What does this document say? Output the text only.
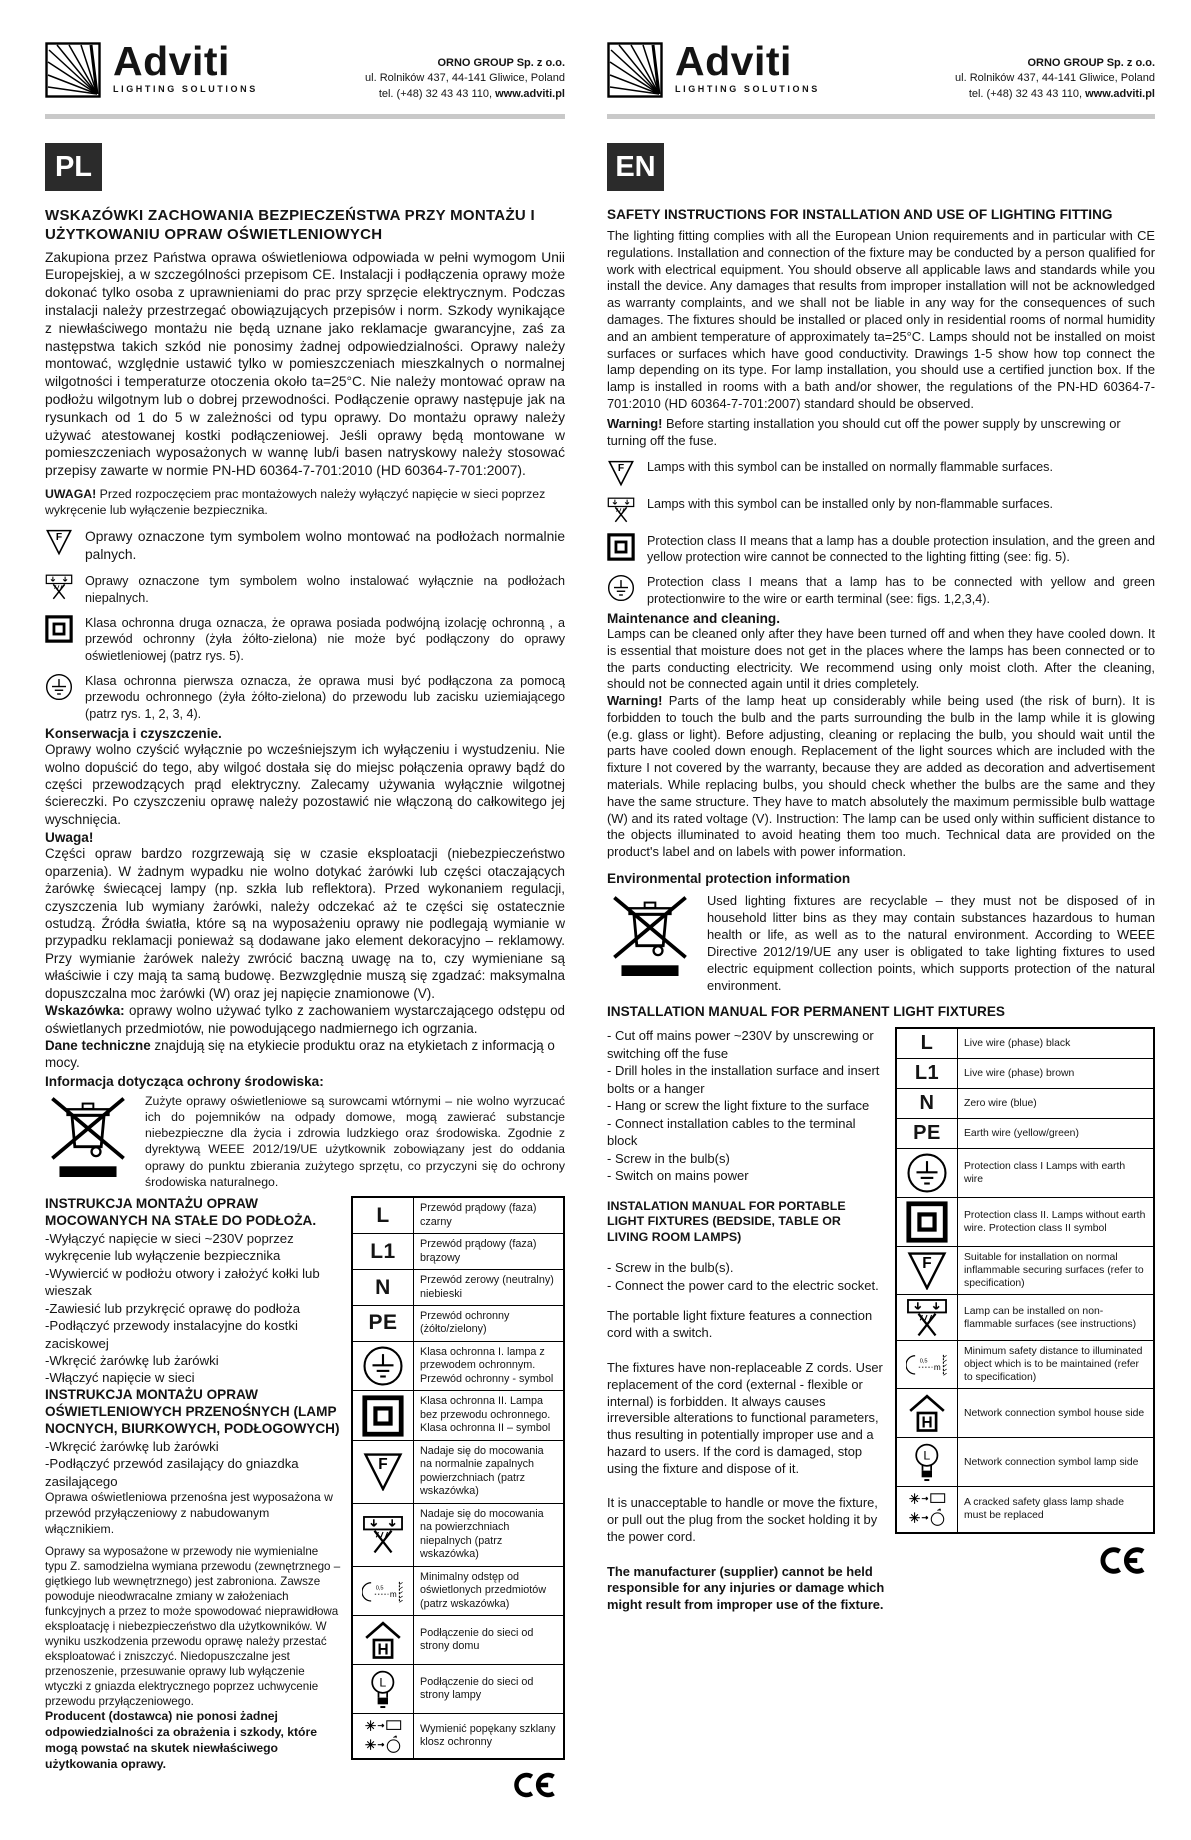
Adviti
LIGHTING SOLUTIONS
ORNO GROUP Sp. z o.o.
ul. Rolników 437, 44-141 Gliwice, Poland
tel. (+48) 32 43 43 110, www.adviti.pl
PL
WSKAZÓWKI ZACHOWANIA BEZPIECZEŃSTWA PRZY MONTAŻU I UŻYTKOWANIU OPRAW OŚWIETLENIOWYCH

Zakupiona przez Państwa oprawa oświetleniowa odpowiada w pełni wymogom Unii Europejskiej, a w szczególności przepisom CE. Instalacji i podłączenia oprawy może dokonać tylko osoba z uprawnieniami do prac przy sprzęcie elektrycznym. Podczas instalacji należy przestrzegać obowiązujących przepisów i norm. Szkody wynikające z niewłaściwego montażu nie będą uznane jako reklamacje gwarancyjne, zaś za następstwa takich szkód nie ponosimy żadnej odpowiedzialności. Oprawy należy montować, względnie ustawić tylko w pomieszczeniach mieszkalnych o normalnej wilgotności i temperaturze otoczenia około ta=25°C. Nie należy montować opraw na podłożu wilgotnym lub o dobrej przewodności. Podłączenie oprawy następuje jak na rysunkach od 1 do 5 w zależności od typu oprawy. Do montażu oprawy należy używać atestowanej kostki podłączeniowej. Jeśli oprawy będą montowane w pomieszczeniach wyposażonych w wannę lub/i basen natryskowy należy stosować przepisy zawarte w normie PN-HD 60364-7-701:2010 (HD 60364-7-701:2007).

UWAGA! Przed rozpoczęciem prac montażowych należy wyłączyć napięcie w sieci poprzez wykręcenie lub wyłączenie bezpiecznika.

F Oprawy oznaczone tym symbolem wolno montować na podłożach normalnie palnych.
Oprawy oznaczone tym symbolem wolno instalować wyłącznie na podłożach niepalnych.
Klasa ochronna druga oznacza, że oprawa posiada podwójną izolację ochronną , a przewód ochronny (żyła żółto-zielona) nie może być podłączony do oprawy oświetleniowej (patrz rys. 5).
Klasa ochronna pierwsza oznacza, że oprawa musi być podłączona za pomocą przewodu ochronnego (żyła żółto-zielona) do przewodu lub zacisku uziemiającego (patrz rys. 1, 2, 3, 4).
Konserwacja i czyszczenie.

Oprawy wolno czyścić wyłącznie po wcześniejszym ich wyłączeniu i wystudzeniu. Nie wolno dopuścić do tego, aby wilgoć dostała się do miejsc połączenia oprawy bądź do części przewodzących prąd elektryczny. Zalecamy używania wyłącznie wilgotnej ściereczki. Po czyszczeniu oprawę należy pozostawić nie włączoną do całkowitego jej wyschnięcia.

Uwaga!

Części opraw bardzo rozgrzewają się w czasie eksploatacji (niebezpieczeństwo oparzenia). W żadnym wypadku nie wolno dotykać żarówki lub części otaczających żarówkę świecącej lampy (np. szkła lub reflektora). Przed wykonaniem regulacji, czyszczenia lub wymiany żarówki, należy odczekać aż te części się ostatecznie ostudzą. Źródła światła, które są na wyposażeniu oprawy nie podlegają wymianie w przypadku reklamacji ponieważ są dodawane jako element dekoracyjno – reklamowy. Przy wymianie żarówek należy zwrócić baczną uwagę na to, czy wymieniane są właściwie i czy mają ta samą budowę. Bezwzględnie muszą się zgadzać: maksymalna dopuszczalna moc żarówki (W) oraz jej napięcie znamionowe (V).

Wskazówka: oprawy wolno używać tylko z zachowaniem wystarczającego odstępu od oświetlanych przedmiotów, nie powodującego nadmiernego ich ogrzania.

Dane techniczne znajdują się na etykiecie produktu oraz na etykietach z informacją o mocy.

Informacja dotycząca ochrony środowiska:

Zużyte oprawy oświetleniowe są surowcami wtórnymi – nie wolno wyrzucać ich do pojemników na odpady domowe, mogą zawierać substancje niebezpieczne dla życia i zdrowia ludzkiego oraz środowiska. Zgodnie z dyrektywą WEEE 2012/19/UE użytkownik zobowiązany jest do oddania oprawy do punktu zbierania zużytego sprzętu, co przyczyni się do ochrony środowiska naturalnego.

INSTRUKCJA MONTAŻU OPRAW MOCOWANYCH NA STAŁE DO PODŁOŻA.

-Wyłączyć napięcie w sieci ~230V poprzez wykręcenie lub wyłączenie bezpiecznika

-Wywiercić w podłożu otwory i założyć kołki lub wieszak

-Zawiesić lub przykręcić oprawę do podłoża

-Podłączyć przewody instalacyjne do kostki zaciskowej

-Wkręcić żarówkę lub żarówki

-Włączyć napięcie w sieci

INSTRUKCJA MONTAŻU OPRAW OŚWIETLENIOWYCH PRZENOŚNYCH (LAMP NOCNYCH, BIURKOWYCH, PODŁOGOWYCH)

-Wkręcić żarówkę lub żarówki

-Podłączyć przewód zasilający do gniazdka zasilającego

Oprawa oświetleniowa przenośna jest wyposażona w przewód przyłączeniowy z nabudowanym włącznikiem.

Oprawy sa wyposażone w przewody nie wymienialne typu Z. samodzielna wymiana przewodu (zewnętrznego – giętkiego lub wewnętrznego) jest zabroniona. Zawsze powoduje nieodwracalne zmiany w założeniach funkcyjnych a przez to może spowodować nieprawidłowa eksploatację i niebezpieczeństwo dla użytkowników. W wyniku uszkodzenia przewodu oprawę należy przestać eksploatować i zniszczyć. Niedopuszczalne jest przenoszenie, przesuwanie oprawy lub wyłączenie wtyczki z gniazda elektrycznego poprzez uchwycenie przewodu przyłączeniowego.

Producent (dostawca) nie ponosi żadnej odpowiedzialności za obrażenia i szkody, które mogą powstać na skutek niewłaściwego użytkowania oprawy.

L	Przewód prądowy (faza) czarny
L1	Przewód prądowy (faza) brązowy
N	Przewód zerowy (neutralny) niebieski
PE	Przewód ochronny (żółto/zielony)
	Klasa ochronna I. lampa z przewodem ochronnym. Przewód ochronny - symbol
	Klasa ochronna II. Lampa bez przewodu ochronnego. Klasa ochronna II – symbol

F	Nadaje się do mocowania na normalnie zapalnych powierzchniach (patrz wskazówka)
	Nadaje się do mocowania na powierzchniach niepalnych (patrz wskazówka)

0,5
m	Minimalny odstęp od oświetlonych przedmiotów (patrz wskazówka)

H	Podłączenie do sieci od strony domu

L	Podłączenie do sieci od strony lampy
	Wymienić popękany szklany klosz ochronny
Adviti
LIGHTING SOLUTIONS
ORNO GROUP Sp. z o.o.
ul. Rolników 437, 44-141 Gliwice, Poland
tel. (+48) 32 43 43 110, www.adviti.pl
EN
SAFETY INSTRUCTIONS FOR INSTALLATION AND USE OF LIGHTING FITTING

The lighting fitting complies with all the European Union requirements and in particular with CE regulations. Installation and connection of the fixture may be conducted by a person qualified for work with electrical equipment. You should observe all applicable laws and standards while you install the device. Any damages that results from improper installation will not be acknowledged as warranty complaints, and we shall not be liable in any way for the consequences of such damages. The fixtures should be installed or placed only in residential rooms of normal humidity and an ambient temperature of approximately ta=25°C. Lamps should not be installed on moist surfaces or surfaces which have good conductivity. Drawings 1-5 show how top connect the lamp depending on its type. For lamp installation, you should use a certified junction box. If the lamp is installed in rooms with a bath and/or shower, the regulations of the PN-HD 60364-7-701:2010 (HD 60364-7-701:2007) standard should be observed.

Warning! Before starting installation you should cut off the power supply by unscrewing or turning off the fuse.

F Lamps with this symbol can be installed on normally flammable surfaces.
Lamps with this symbol can be installed only by non-flammable surfaces.
Protection class II means that a lamp has a double protection insulation, and the green and yellow protection wire cannot be connected to the lighting fitting (see: fig. 5).
Protection class I means that a lamp has to be connected with yellow and green protectionwire to the wire or earth terminal (see: figs. 1,2,3,4).
Maintenance and cleaning.

Lamps can be cleaned only after they have been turned off and when they have cooled down. It is essential that moisture does not get in the places where the lamps has been connected or to the parts conducting electricity. We recommend using only moist cloth. After the cleaning, should not be connected again until it dries completely.

Warning! Parts of the lamp heat up considerably while being used (the risk of burn). It is forbidden to touch the bulb and the parts surrounding the bulb in the lamp while it is glowing (e.g. glass or light). Before adjusting, cleaning or replacing the bulb, you should wait until the parts have cooled down enough. Replacement of the light sources which are included with the fixture I not covered by the warranty, because they are added as decoration and advertisement materials. While replacing bulbs, you should check whether the bulbs are the same and they have the same structure. They have to match absolutely the maximum permissible bulb wattage (W) and its rated voltage (V). Instruction: The lamp can be used only within sufficient distance to the objects illuminated to avoid heating them too much. Technical data are provided on the product's label and on labels with power information.

Environmental protection information

Used lighting fixtures are recyclable – they must not be disposed of in household litter bins as they may contain substances hazardous to human health or life, as well as to the natural environment. According to WEEE Directive 2012/19/UE any user is obligated to take lighting fixtures to used electric equipment collection points, which supports protection of the natural environment.

INSTALLATION MANUAL FOR PERMANENT LIGHT FIXTURES

- Cut off mains power ~230V by unscrewing or switching off the fuse

- Drill holes in the installation surface and insert bolts or a hanger

- Hang or screw the light fixture to the surface

- Connect installation cables to the terminal block

- Screw in the bulb(s)

- Switch on mains power

INSTALATION MANUAL FOR PORTABLE LIGHT FIXTURES (BEDSIDE, TABLE OR LIVING ROOM LAMPS)

- Screw in the bulb(s).

- Connect the power card to the electric socket.

The portable light fixture features a connection cord with a switch.

The fixtures have non-replaceable Z cords. User replacement of the cord (external - flexible or internal) is forbidden. It always causes irreversible alterations to functional parameters, thus resulting in potentially improper use and a hazard to users. If the cord is damaged, stop using the fixture and dispose of it.

It is unacceptable to handle or move the fixture, or pull out the plug from the socket holding it by the power cord.

The manufacturer (supplier) cannot be held responsible for any injuries or damage which might result from improper use of the fixture.

L	Live wire (phase) black
L1	Live wire (phase) brown
N	Zero wire (blue)
PE	Earth wire (yellow/green)
	Protection class I Lamps with earth wire
	Protection class II. Lamps without earth wire. Protection class II symbol

F	Suitable for installation on normal inflammable securing surfaces (refer to specification)
	Lamp can be installed on non-flammable surfaces (see instructions)

0,5
m	Minimum safety distance to illuminated object which is to be maintained (refer to specification)

H	Network connection symbol house side

L	Network connection symbol lamp side
	A cracked safety glass lamp shade must be replaced
